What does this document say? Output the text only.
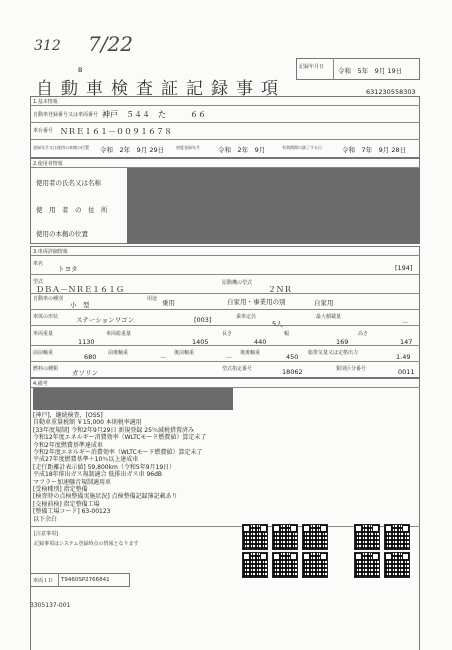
312 7/22
B
自動車検査証記録事項
記録年月日 令和　5年　9月 19日
631230558303
1.基本情報
自動車登録番号又は車両番号 神戸　５４４　た　　　６６
車台番号 ＮＲＥ１６１－００９１６７８
登録年月又は使用の本拠の位置 令和　2年　9月 29日	初度登録年月	令和　2年　9月	有効期間の満了する日	令和　7年　9月 28日
2.使用者情報
使用者の氏名又は名称
使　用　者　の　住　所
使用の本拠の位置
3.車両詳細情報
車名
トヨタ	[194]
型式
ＤＢＡ－ＮＲＥ１６１Ｇ
原動機の型式
２ＮＲ
自動車の種別
小　型
用途 乗用	自家用・事業用の別	自家用
車体の形状	ステーションワゴン	[003]	乗車定員
5人
最大積載量
－
車両重量
1130
車両総重量
1405
長さ
440
幅
169
高さ
147
前前軸重	680 前後軸重
－
後前軸重
－
後後軸重	450 総排気量又は定格出力	1.49
燃料の種類 ガソリン	型式指定番号	18062	類別区分番号	0011
4.備考
[神戸]，継続検査，[OSS]
自動車重量税額 ￥15,000 本則税率適用
[33年度規制] 令和2年9月29日 新規登録 25％減税措置済み
令和12年度エネルギー消費効率（WLTCモード燃費値）算定未了
令和2年度燃費基準達成車
令和2年度エネルギー消費効率（WLTCモード燃費値）算定未了
平成27年度燃費基準＋10％以上達成車
[走行距離計表示値] 59,800km（令和5年9月19日）
平成18年排出ガス規制適合 低排出ガス車 96dB
マフラー加速騒音規制適用車
[受検種別] 指定整備
[検査時の点検整備実施状況] 点検整備記録簿記載あり
[交検前検] 指定整備工場
[整備工場コード] 63-00123
以下余白
[注意事項]
記録事項はシステム登録時点の情報となります
車両ＩＤ T9460SP2766841
3305137-001
